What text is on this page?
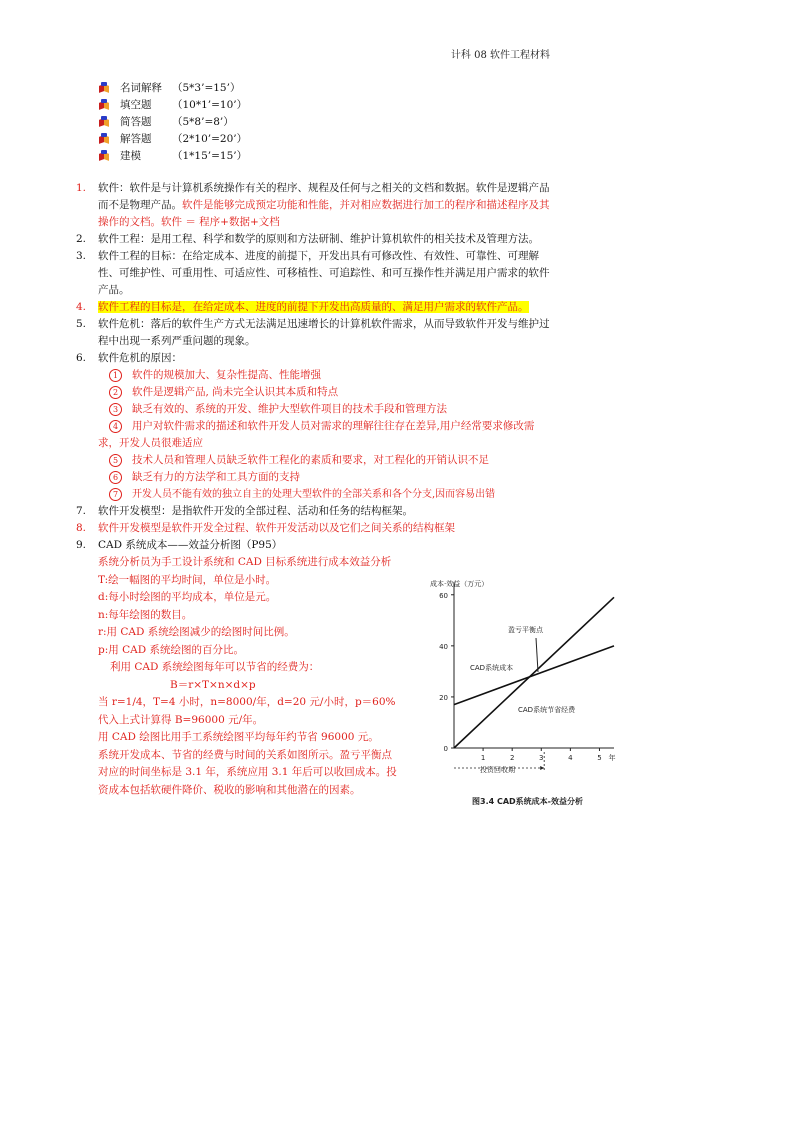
计科 08 软件工程材料
名词解释 （5*3’=15’）
填空题	（10*1’=10’）
简答题	（5*8’=8’）
解答题	（2*10’=20’）
建模	（1*15’=15’）

1. 软件：软件是与计算机系统操作有关的程序、规程及任何与之相关的文档和数据。软件是逻辑产品而不是物理产品。软件是能够完成预定功能和性能，并对相应数据进行加工的程序和描述程序及其操作的文档。软件 ＝ 程序+数据+文档

2. 软件工程：是用工程、科学和数学的原则和方法研制、维护计算机软件的相关技术及管理方法。

3. 软件工程的目标：在给定成本、进度的前提下，开发出具有可修改性、有效性、可靠性、可理解性、可维护性、可重用性、可适应性、可移植性、可追踪性、和可互操作性并满足用户需求的软件产品。

4. 软件工程的目标是，在给定成本、进度的前提下开发出高质量的、满足用户需求的软件产品。

5. 软件危机：落后的软件生产方式无法满足迅速增长的计算机软件需求，从而导致软件开发与维护过程中出现一系列严重问题的现象。

6. 软件危机的原因：

1	软件的规模加大、复杂性提高、性能增强
2	软件是逻辑产品, 尚未完全认识其本质和特点
3	缺乏有效的、系统的开发、维护大型软件项目的技术手段和管理方法
4	用户对软件需求的描述和软件开发人员对需求的理解往往存在差异,用户经常要求修改需求，开发人员很难适应
5	技术人员和管理人员缺乏软件工程化的素质和要求，对工程化的开销认识不足
6	缺乏有力的方法学和工具方面的支持
7	开发人员不能有效的独立自主的处理大型软件的全部关系和各个分支,因而容易出错

7. 软件开发模型：是指软件开发的全部过程、活动和任务的结构框架。

8. 软件开发模型是软件开发全过程、软件开发活动以及它们之间关系的结构框架

9. CAD 系统成本——效益分析图（P95）

系统分析员为手工设计系统和 CAD 目标系统进行成本效益分析
T:绘一幅图的平均时间，单位是小时。
d:每小时绘图的平均成本，单位是元。
n:每年绘图的数目。
r:用 CAD 系统绘图减少的绘图时间比例。
p:用 CAD 系统绘图的百分比。
利用 CAD 系统绘图每年可以节省的经费为：
B＝r×T×n×d×p
当 r=1/4，T=4 小时，n=8000/年，d=20 元/小时，p＝60%
代入上式计算得 B=96000 元/年。
用 CAD 绘图比用手工系统绘图平均每年约节省 96000 元。
系统开发成本、节省的经费与时间的关系如图所示。盈亏平衡点
对应的时间坐标是 3.1 年，系统应用 3.1 年后可以收回成本。投
资成本包括软硬件降价、税收的影响和其他潜在的因素。
成本·效益（万元）
0
20
40
60
1	2	3	4	5 年
盈亏平衡点
CAD系统成本
CAD系统节省经费
投资回收期
图3.4 CAD系统成本-效益分析
